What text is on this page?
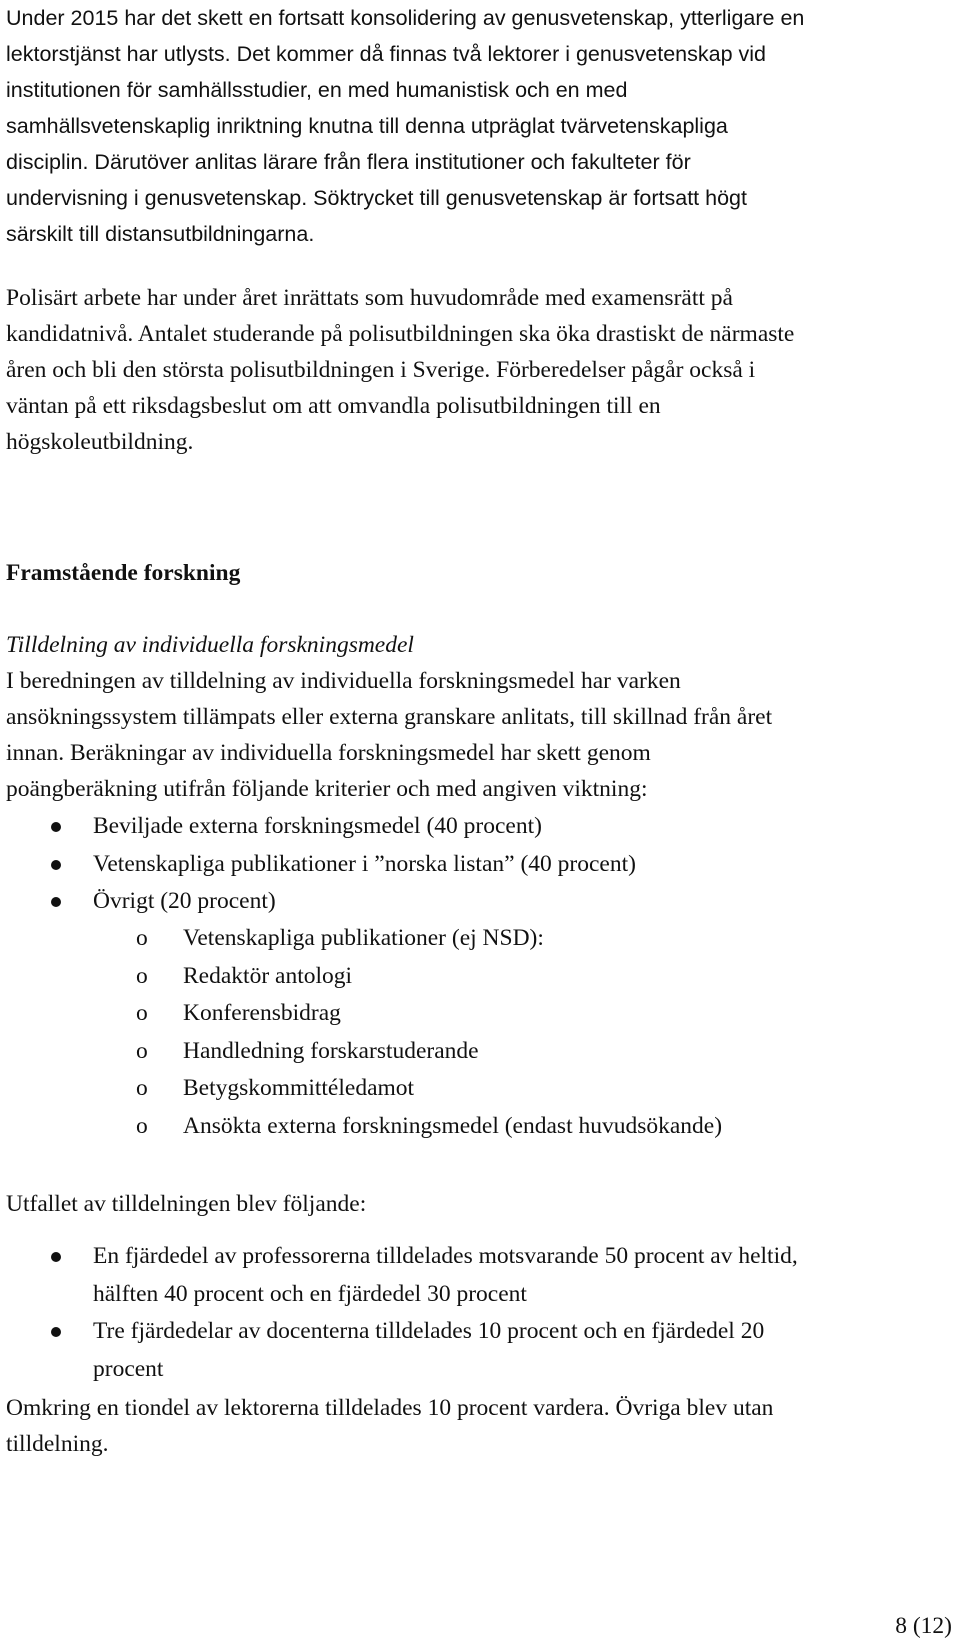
Under 2015 har det skett en fortsatt konsolidering av genusvetenskap, ytterligare en
lektorstjänst har utlysts. Det kommer då finnas två lektorer i genusvetenskap vid
institutionen för samhällsstudier, en med humanistisk och en med
samhällsvetenskaplig inriktning knutna till denna utpräglat tvärvetenskapliga
disciplin. Därutöver anlitas lärare från flera institutioner och fakulteter för
undervisning i genusvetenskap. Söktrycket till genusvetenskap är fortsatt högt
särskilt till distansutbildningarna.

Polisärt arbete har under året inrättats som huvudområde med examensrätt på
kandidatnivå. Antalet studerande på polisutbildningen ska öka drastiskt de närmaste
åren och bli den största polisutbildningen i Sverige. Förberedelser pågår också i
väntan på ett riksdagsbeslut om att omvandla polisutbildningen till en
högskoleutbildning.

Framstående forskning
Tilldelning av individuella forskningsmedel

I beredningen av tilldelning av individuella forskningsmedel har varken
ansökningssystem tillämpats eller externa granskare anlitats, till skillnad från året
innan. Beräkningar av individuella forskningsmedel har skett genom
poängberäkning utifrån följande kriterier och med angiven viktning:

Beviljade externa forskningsmedel (40 procent)
Vetenskapliga publikationer i ”norska listan” (40 procent)
Övrigt (20 procent)
o Vetenskapliga publikationer (ej NSD):
o Redaktör antologi
o Konferensbidrag
o Handledning forskarstuderande
o Betygskommittéledamot
o Ansökta externa forskningsmedel (endast huvudsökande)

Utfallet av tilldelningen blev följande:

En fjärdedel av professorerna tilldelades motsvarande 50 procent av heltid,
hälften 40 procent och en fjärdedel 30 procent
Tre fjärdedelar av docenterna tilldelades 10 procent och en fjärdedel 20
procent

Omkring en tiondel av lektorerna tilldelades 10 procent vardera. Övriga blev utan
tilldelning.

8 (12)
